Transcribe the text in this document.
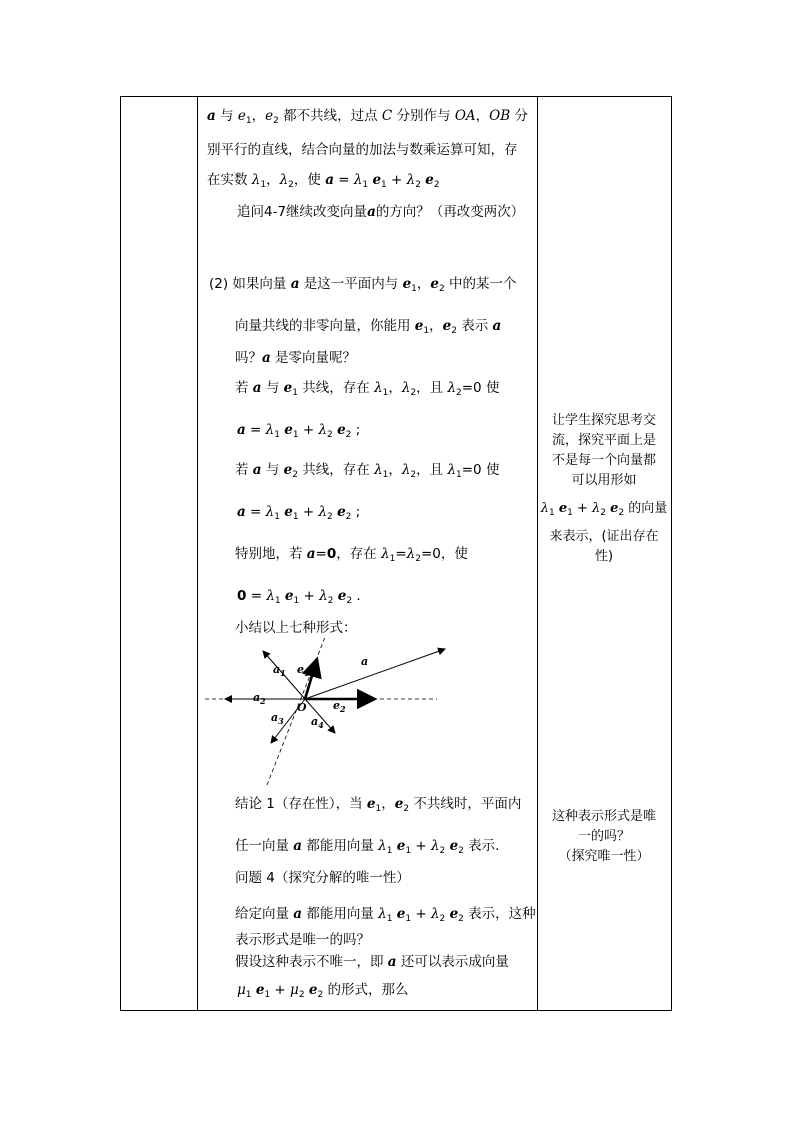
a 与 $e_1$，$e_2$ 都不共线，过点 C 分别作与 OA，OB 分
别平行的直线，结合向量的加法与数乘运算可知，存
在实数 $\lambda_1$，$\lambda_2$，使 $a = \lambda_1$ $e_1 + \lambda_2$ $e_2$
追问4-7继续改变向量a的方向？（再改变两次）
(2) 如果向量 a 是这一平面内与 $e_1$，$e_2$ 中的某一个
向量共线的非零向量，你能用 $e_1$，$e_2$ 表示 a
吗？a 是零向量呢？
若 a 与 $e_1$ 共线，存在 $\lambda_1$，$\lambda_2$，且 $\lambda_2=0$ 使
$a = \lambda_1$ $e_1 + \lambda_2$ $e_2$ ;
若 a 与 $e_2$ 共线，存在 $\lambda_1$，$\lambda_2$，且 $\lambda_1=0$ 使
$a = \lambda_1$ $e_1 + \lambda_2$ $e_2$ ;
特别地，若 a=0，存在 $\lambda_1=\lambda_2=0$，使
$0 = \lambda_1$ $e_1 + \lambda_2$ $e_2$ .
小结以上七种形式：
a
$a_1$ $e_1$
$a_2$	$e_2$
$a_3$ $a_4$
O
结论 1（存在性），当 $e_1$，$e_2$ 不共线时，平面内
任一向量 a 都能用向量 $\lambda_1$ $e_1 + \lambda_2$ $e_2$ 表示.
问题 4（探究分解的唯一性）
给定向量 a 都能用向量 $\lambda_1$ $e_1 + \lambda_2$ $e_2$ 表示，这种
表示形式是唯一的吗？
假设这种表示不唯一，即 a 还可以表示成向量
$\mu_1$ $e_1 + \mu_2$ $e_2$ 的形式，那么
让学生探究思考交
流，探究平面上是
不是每一个向量都
可以用形如
$\lambda_1$ $e_1 + \lambda_2$ $e_2$ 的向量
来表示，(证出存在
性)
这种表示形式是唯
一的吗？
（探究唯一性）
